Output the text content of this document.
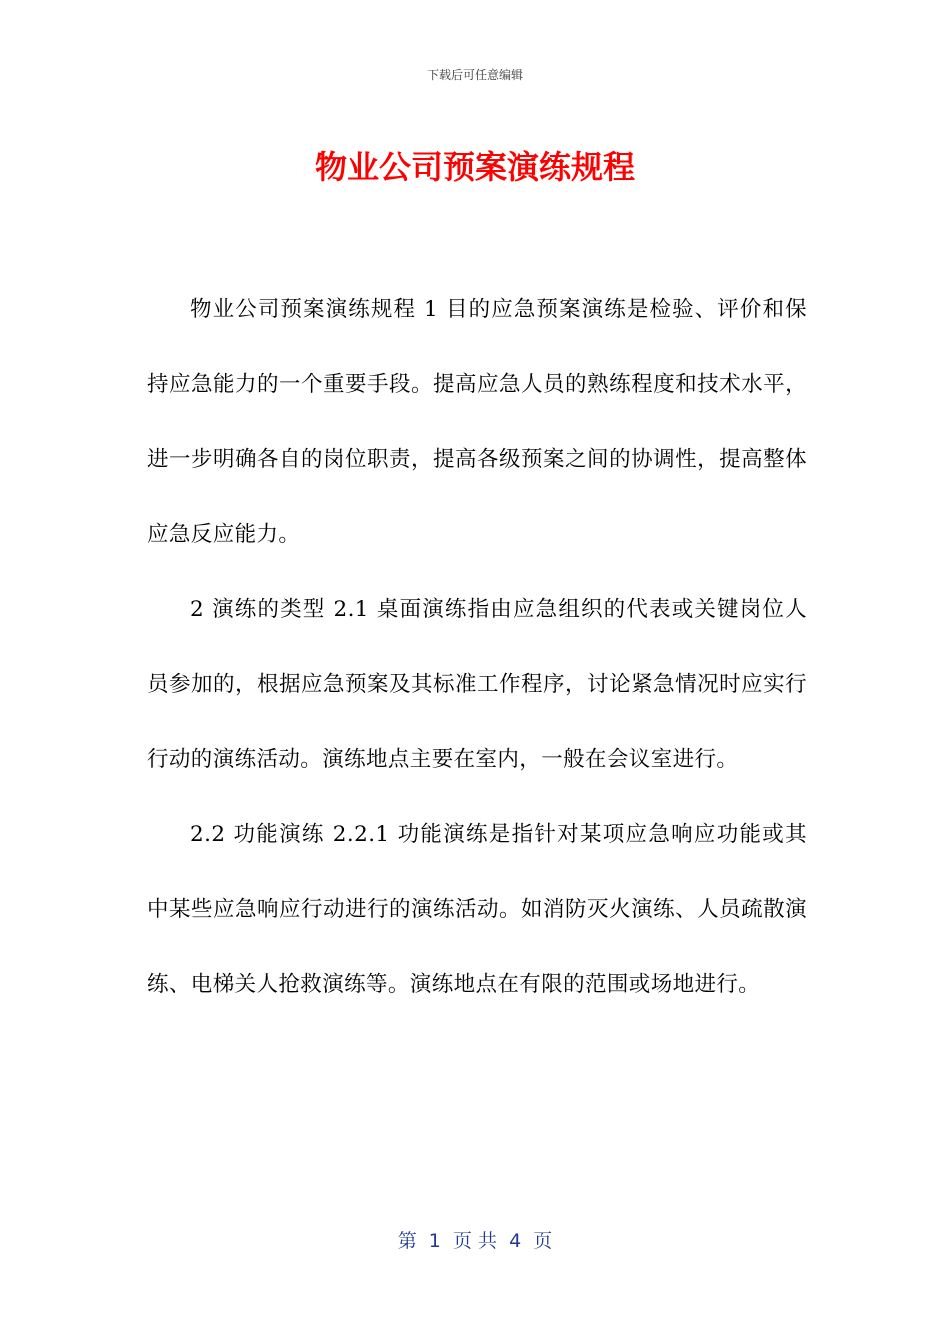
下载后可任意编辑
物业公司预案演练规程

物业公司预案演练规程 1 目的应急预案演练是检验、评价和保持应急能力的一个重要手段。提高应急人员的熟练程度和技术水平，进一步明确各自的岗位职责，提高各级预案之间的协调性，提高整体应急反应能力。

2 演练的类型 2.1 桌面演练指由应急组织的代表或关键岗位人员参加的，根据应急预案及其标准工作程序，讨论紧急情况时应实行行动的演练活动。演练地点主要在室内，一般在会议室进行。

2.2 功能演练 2.2.1 功能演练是指针对某项应急响应功能或其中某些应急响应行动进行的演练活动。如消防灭火演练、人员疏散演练、电梯关人抢救演练等。演练地点在有限的范围或场地进行。

第  1  页 共  4  页
